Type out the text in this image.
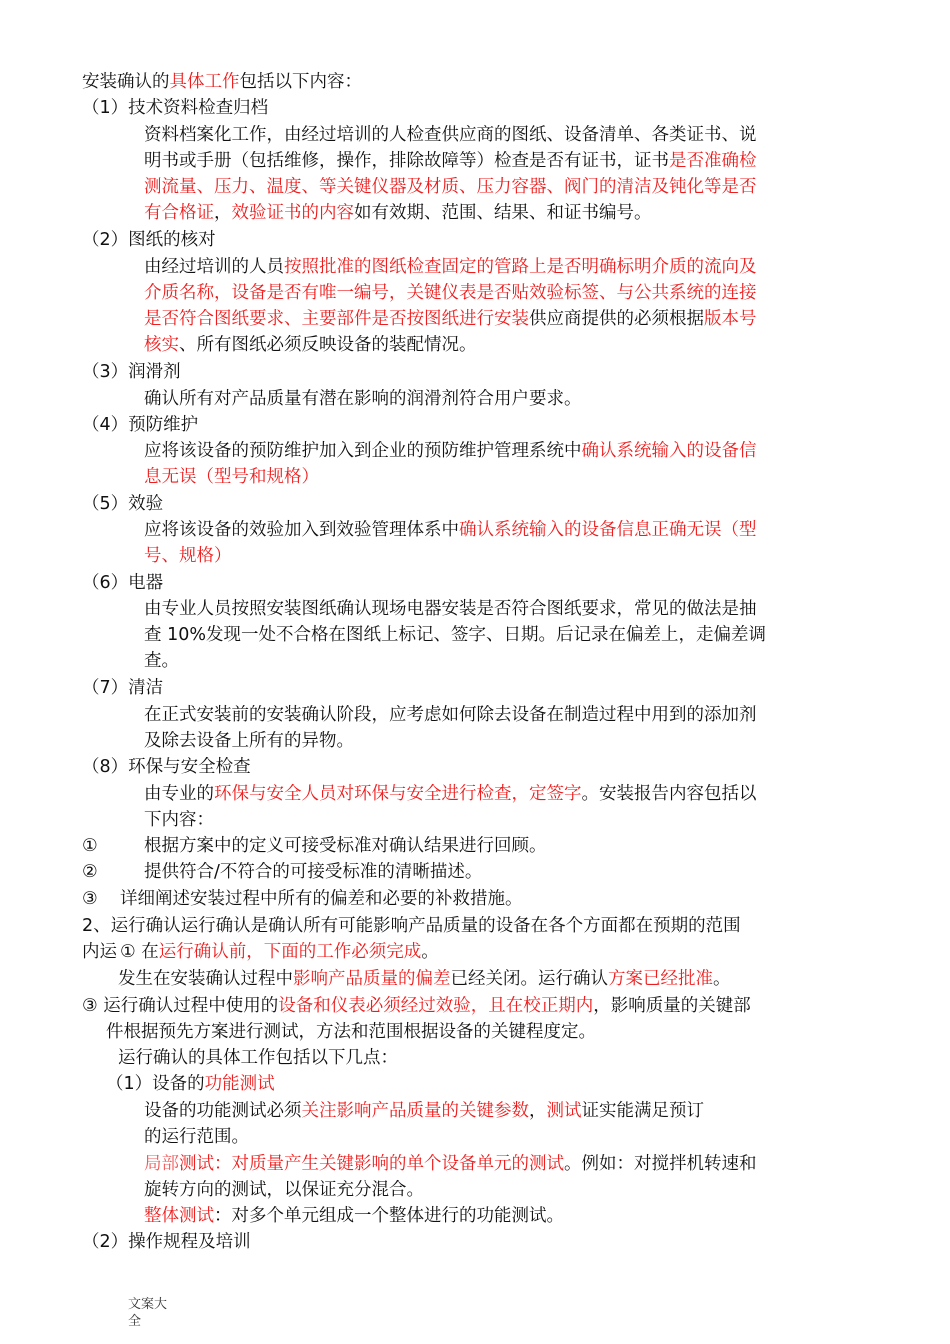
安装确认的具体工作包括以下内容：
（1）技术资料检查归档
资料档案化工作，由经过培训的人检查供应商的图纸、设备清单、各类证书、说
明书或手册（包括维修，操作，排除故障等）检查是否有证书，证书是否准确检
测流量、压力、温度、等关键仪器及材质、压力容器、阀门的清洁及钝化等是否
有合格证，效验证书的内容如有效期、范围、结果、和证书编号。
（2）图纸的核对
由经过培训的人员按照批准的图纸检查固定的管路上是否明确标明介质的流向及
介质名称，设备是否有唯一编号，关键仪表是否贴效验标签、与公共系统的连接
是否符合图纸要求、主要部件是否按图纸进行安装供应商提供的必须根据版本号
核实、所有图纸必须反映设备的装配情况。
（3）润滑剂
确认所有对产品质量有潜在影响的润滑剂符合用户要求。
（4）预防维护
应将该设备的预防维护加入到企业的预防维护管理系统中确认系统输入的设备信
息无误（型号和规格）
（5）效验
应将该设备的效验加入到效验管理体系中确认系统输入的设备信息正确无误（型
号、规格）
（6）电器
由专业人员按照安装图纸确认现场电器安装是否符合图纸要求，常见的做法是抽
查 10%发现一处不合格在图纸上标记、签字、日期。后记录在偏差上，走偏差调
查。
（7）清洁
在正式安装前的安装确认阶段，应考虑如何除去设备在制造过程中用到的添加剂
及除去设备上所有的异物。
（8）环保与安全检查
由专业的环保与安全人员对环保与安全进行检查，定签字。安装报告内容包括以
下内容：
①	根据方案中的定义可接受标准对确认结果进行回顾。
②	提供符合/不符合的可接受标准的清晰描述。
③ 详细阐述安装过程中所有的偏差和必要的补救措施。
2、运行确认运行确认是确认所有可能影响产品质量的设备在各个方面都在预期的范围
内运 ① 在运行确认前，下面的工作必须完成。
发生在安装确认过程中影响产品质量的偏差已经关闭。运行确认方案已经批准。
③ 运行确认过程中使用的设备和仪表必须经过效验，且在校正期内，影响质量的关键部
件根据预先方案进行测试，方法和范围根据设备的关键程度定。
运行确认的具体工作包括以下几点：
（1）设备的功能测试
设备的功能测试必须关注影响产品质量的关键参数，测试证实能满足预订
的运行范围。
局部测试：对质量产生关键影响的单个设备单元的测试。例如：对搅拌机转速和
旋转方向的测试，以保证充分混合。
整体测试：对多个单元组成一个整体进行的功能测试。
（2）操作规程及培训
文案大
全
